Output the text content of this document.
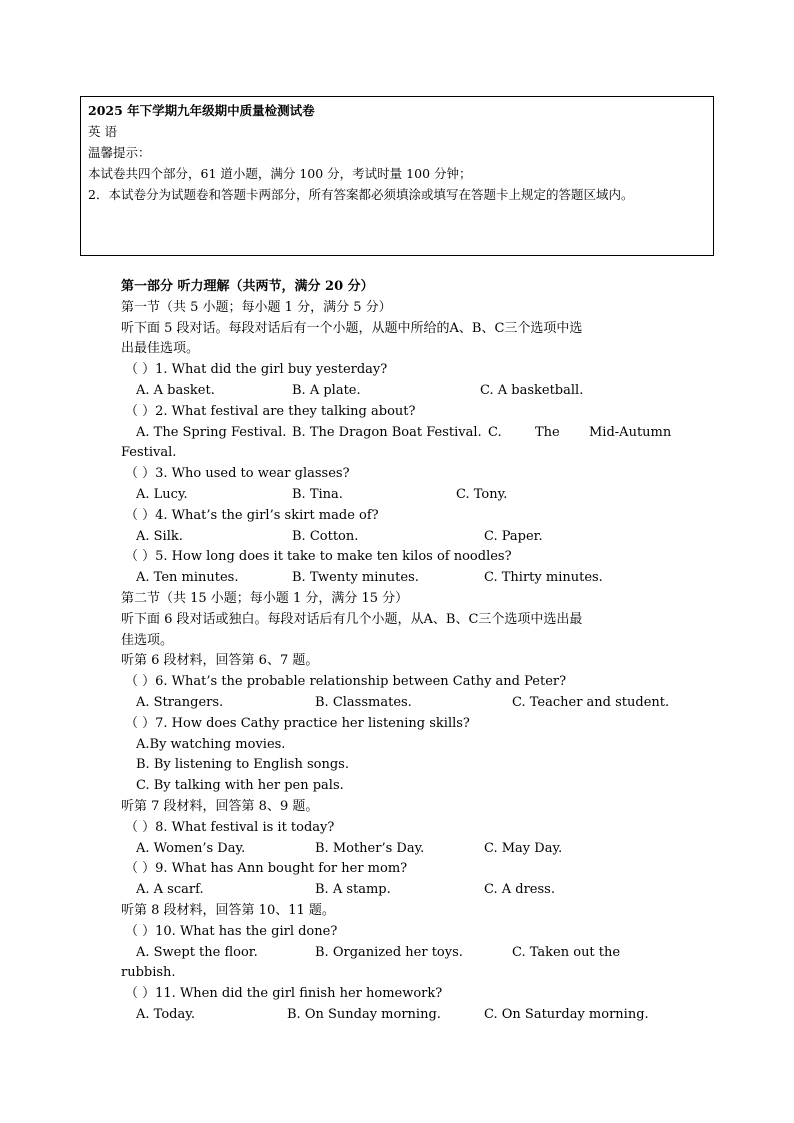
2025 年下学期九年级期中质量检测试卷
英 语
温馨提示：
本试卷共四个部分，61 道小题，满分 100 分，考试时量 100 分钟；
2．本试卷分为试题卷和答题卡两部分，所有答案都必须填涂或填写在答题卡上规定的答题区域内。
第一部分 听力理解（共两节，满分 20 分）
第一节（共 5 小题；每小题 1 分，满分 5 分）
听下面 5 段对话。每段对话后有一个小题，从题中所给的A、B、C三个选项中选
出最佳选项。
（ ）1. What did the girl buy yesterday?
A. A basket.	B. A plate.	C. A basketball.
（ ）2. What festival are they talking about?
A. The Spring Festival. B. The Dragon Boat Festival. C.	The Mid-Autumn
Festival.
（ ）3. Who used to wear glasses?
A. Lucy.	B. Tina.	C. Tony.
（ ）4. What’s the girl’s skirt made of?
A. Silk.	B. Cotton.	C. Paper.
（ ）5. How long does it take to make ten kilos of noodles?
A. Ten minutes.	B. Twenty minutes.	C. Thirty minutes.
第二节（共 15 小题；每小题 1 分，满分 15 分）
听下面 6 段对话或独白。每段对话后有几个小题，从A、B、C三个选项中选出最
佳选项。
听第 6 段材料，回答第 6、7 题。
（ ）6. What’s the probable relationship between Cathy and Peter?
A. Strangers.	B. Classmates.	C. Teacher and student.
（ ）7. How does Cathy practice her listening skills?
A.By watching movies.
B. By listening to English songs.
C. By talking with her pen pals.
听第 7 段材料，回答第 8、9 题。
（ ）8. What festival is it today?
A. Women’s Day.	B. Mother’s Day.	C. May Day.
（ ）9. What has Ann bought for her mom?
A. A scarf.	B. A stamp.	C. A dress.
听第 8 段材料，回答第 10、11 题。
（ ）10. What has the girl done?
A. Swept the floor.	B. Organized her toys.	C. Taken out the
rubbish.
（ ）11. When did the girl finish her homework?
A. Today.	B. On Sunday morning.	C. On Saturday morning.
